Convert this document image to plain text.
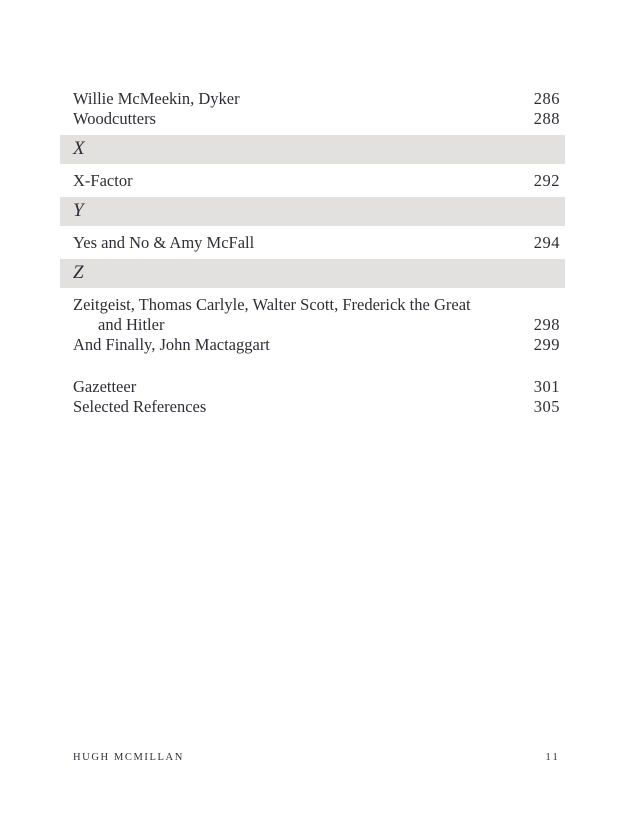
Willie McMeekin, Dyker	286
Woodcutters	288
X
X-Factor	292
Y
Yes and No & Amy McFall	294
Z
Zeitgeist, Thomas Carlyle, Walter Scott, Frederick the Great
and Hitler	298
And Finally, John Mactaggart	299
Gazetteer	301
Selected References	305
HUGH MCMILLAN	11
